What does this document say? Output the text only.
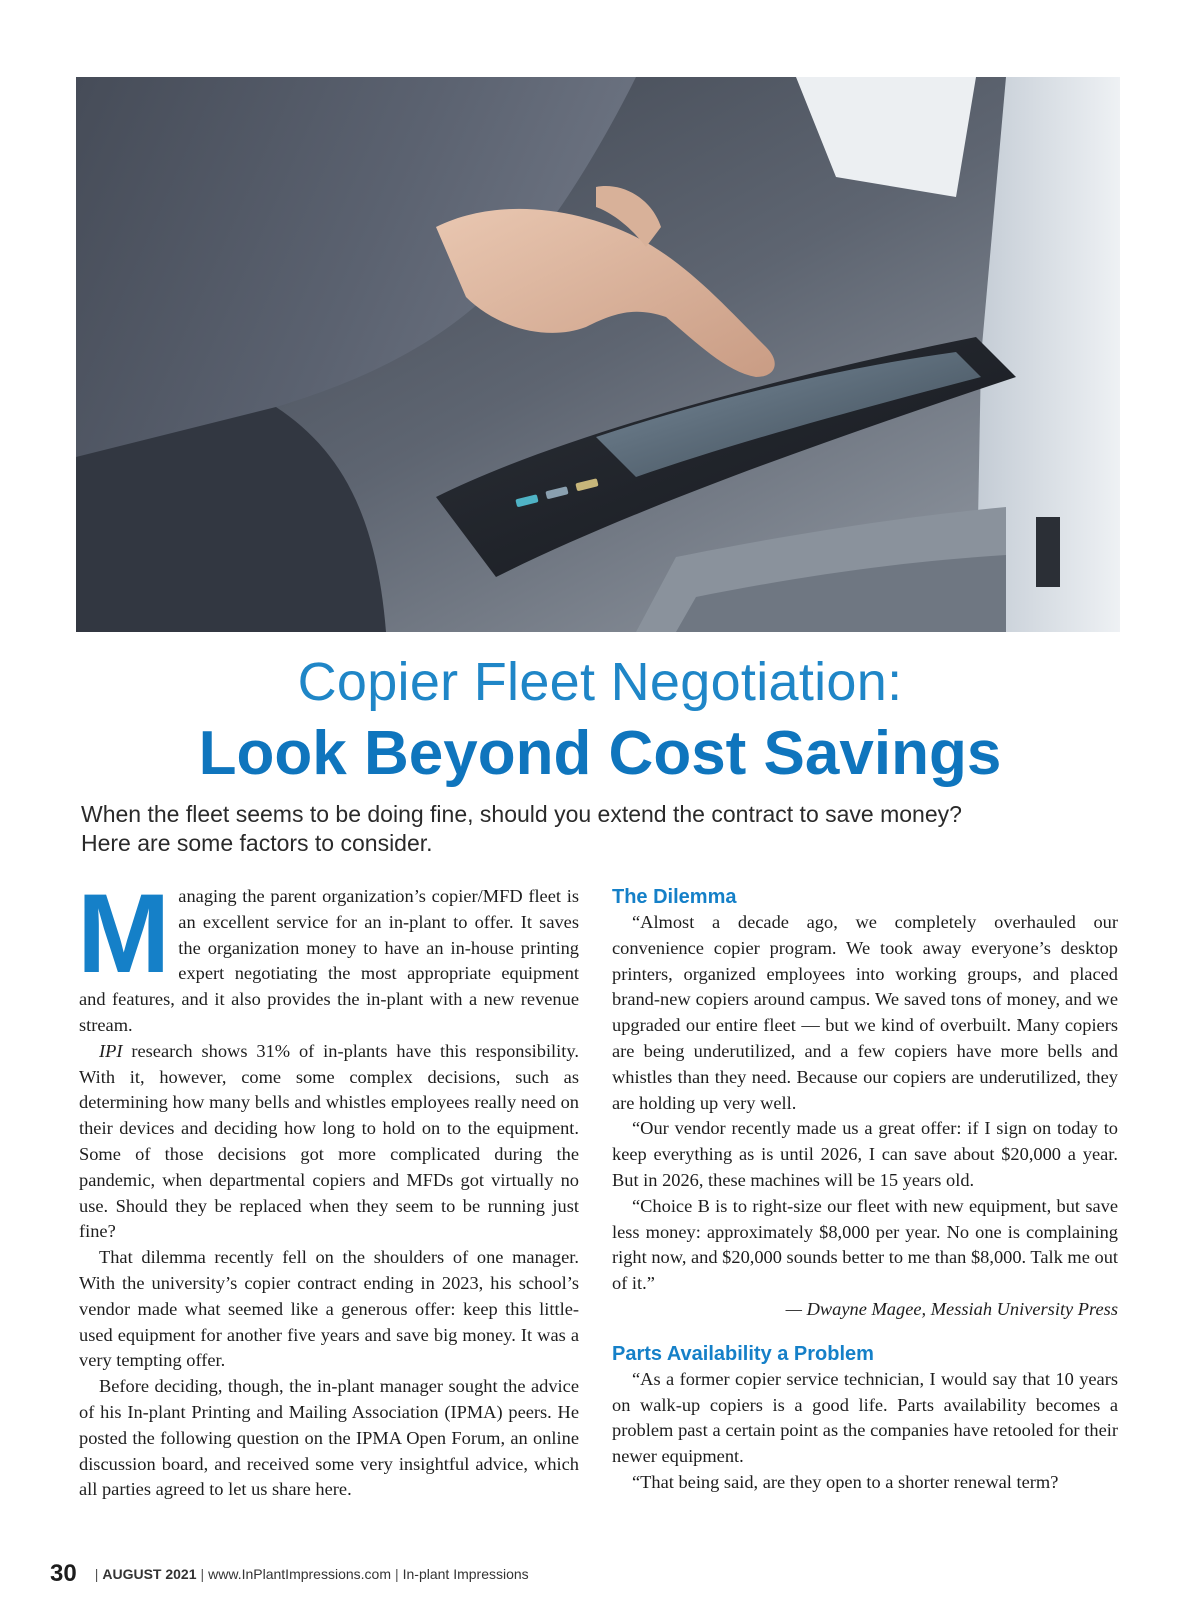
Copier Fleet Negotiation:
Look Beyond Cost Savings
When the fleet seems to be doing fine, should you extend the contract to save money?
Here are some factors to consider.

Managing the parent organization’s copier/MFD fleet is an excellent service for an in-plant to offer. It saves the organization money to have an in-house printing expert negotiating the most appropriate equipment and features, and it also provides the in-plant with a new revenue stream.

IPI research shows 31% of in-plants have this responsibility. With it, however, come some complex decisions, such as determining how many bells and whistles employees really need on their devices and deciding how long to hold on to the equipment. Some of those decisions got more complicated during the pandemic, when departmental copiers and MFDs got virtually no use. Should they be replaced when they seem to be running just fine?

That dilemma recently fell on the shoulders of one manager. With the university’s copier contract ending in 2023, his school’s vendor made what seemed like a generous offer: keep this little-used equipment for another five years and save big money. It was a very tempting offer.

Before deciding, though, the in-plant manager sought the advice of his In-plant Printing and Mailing Association (IPMA) peers. He posted the following question on the IPMA Open Forum, an online discussion board, and received some very insightful advice, which all parties agreed to let us share here.

The Dilemma

“Almost a decade ago, we completely overhauled our convenience copier program. We took away everyone’s desktop printers, organized employees into working groups, and placed brand-new copiers around campus. We saved tons of money, and we upgraded our entire fleet — but we kind of overbuilt. Many copiers are being underutilized, and a few copiers have more bells and whistles than they need. Because our copiers are underutilized, they are holding up very well.

“Our vendor recently made us a great offer: if I sign on today to keep everything as is until 2026, I can save about $20,000 a year. But in 2026, these machines will be 15 years old.

“Choice B is to right-size our fleet with new equipment, but save less money: approximately $8,000 per year. No one is complaining right now, and $20,000 sounds better to me than $8,000. Talk me out of it.”

— Dwayne Magee, Messiah University Press

Parts Availability a Problem

“As a former copier service technician, I would say that 10 years on walk-up copiers is a good life. Parts availability becomes a problem past a certain point as the companies have retooled for their newer equipment.

“That being said, are they open to a shorter renewal term?

30 | AUGUST 2021 | www.InPlantImpressions.com | In-plant Impressions
